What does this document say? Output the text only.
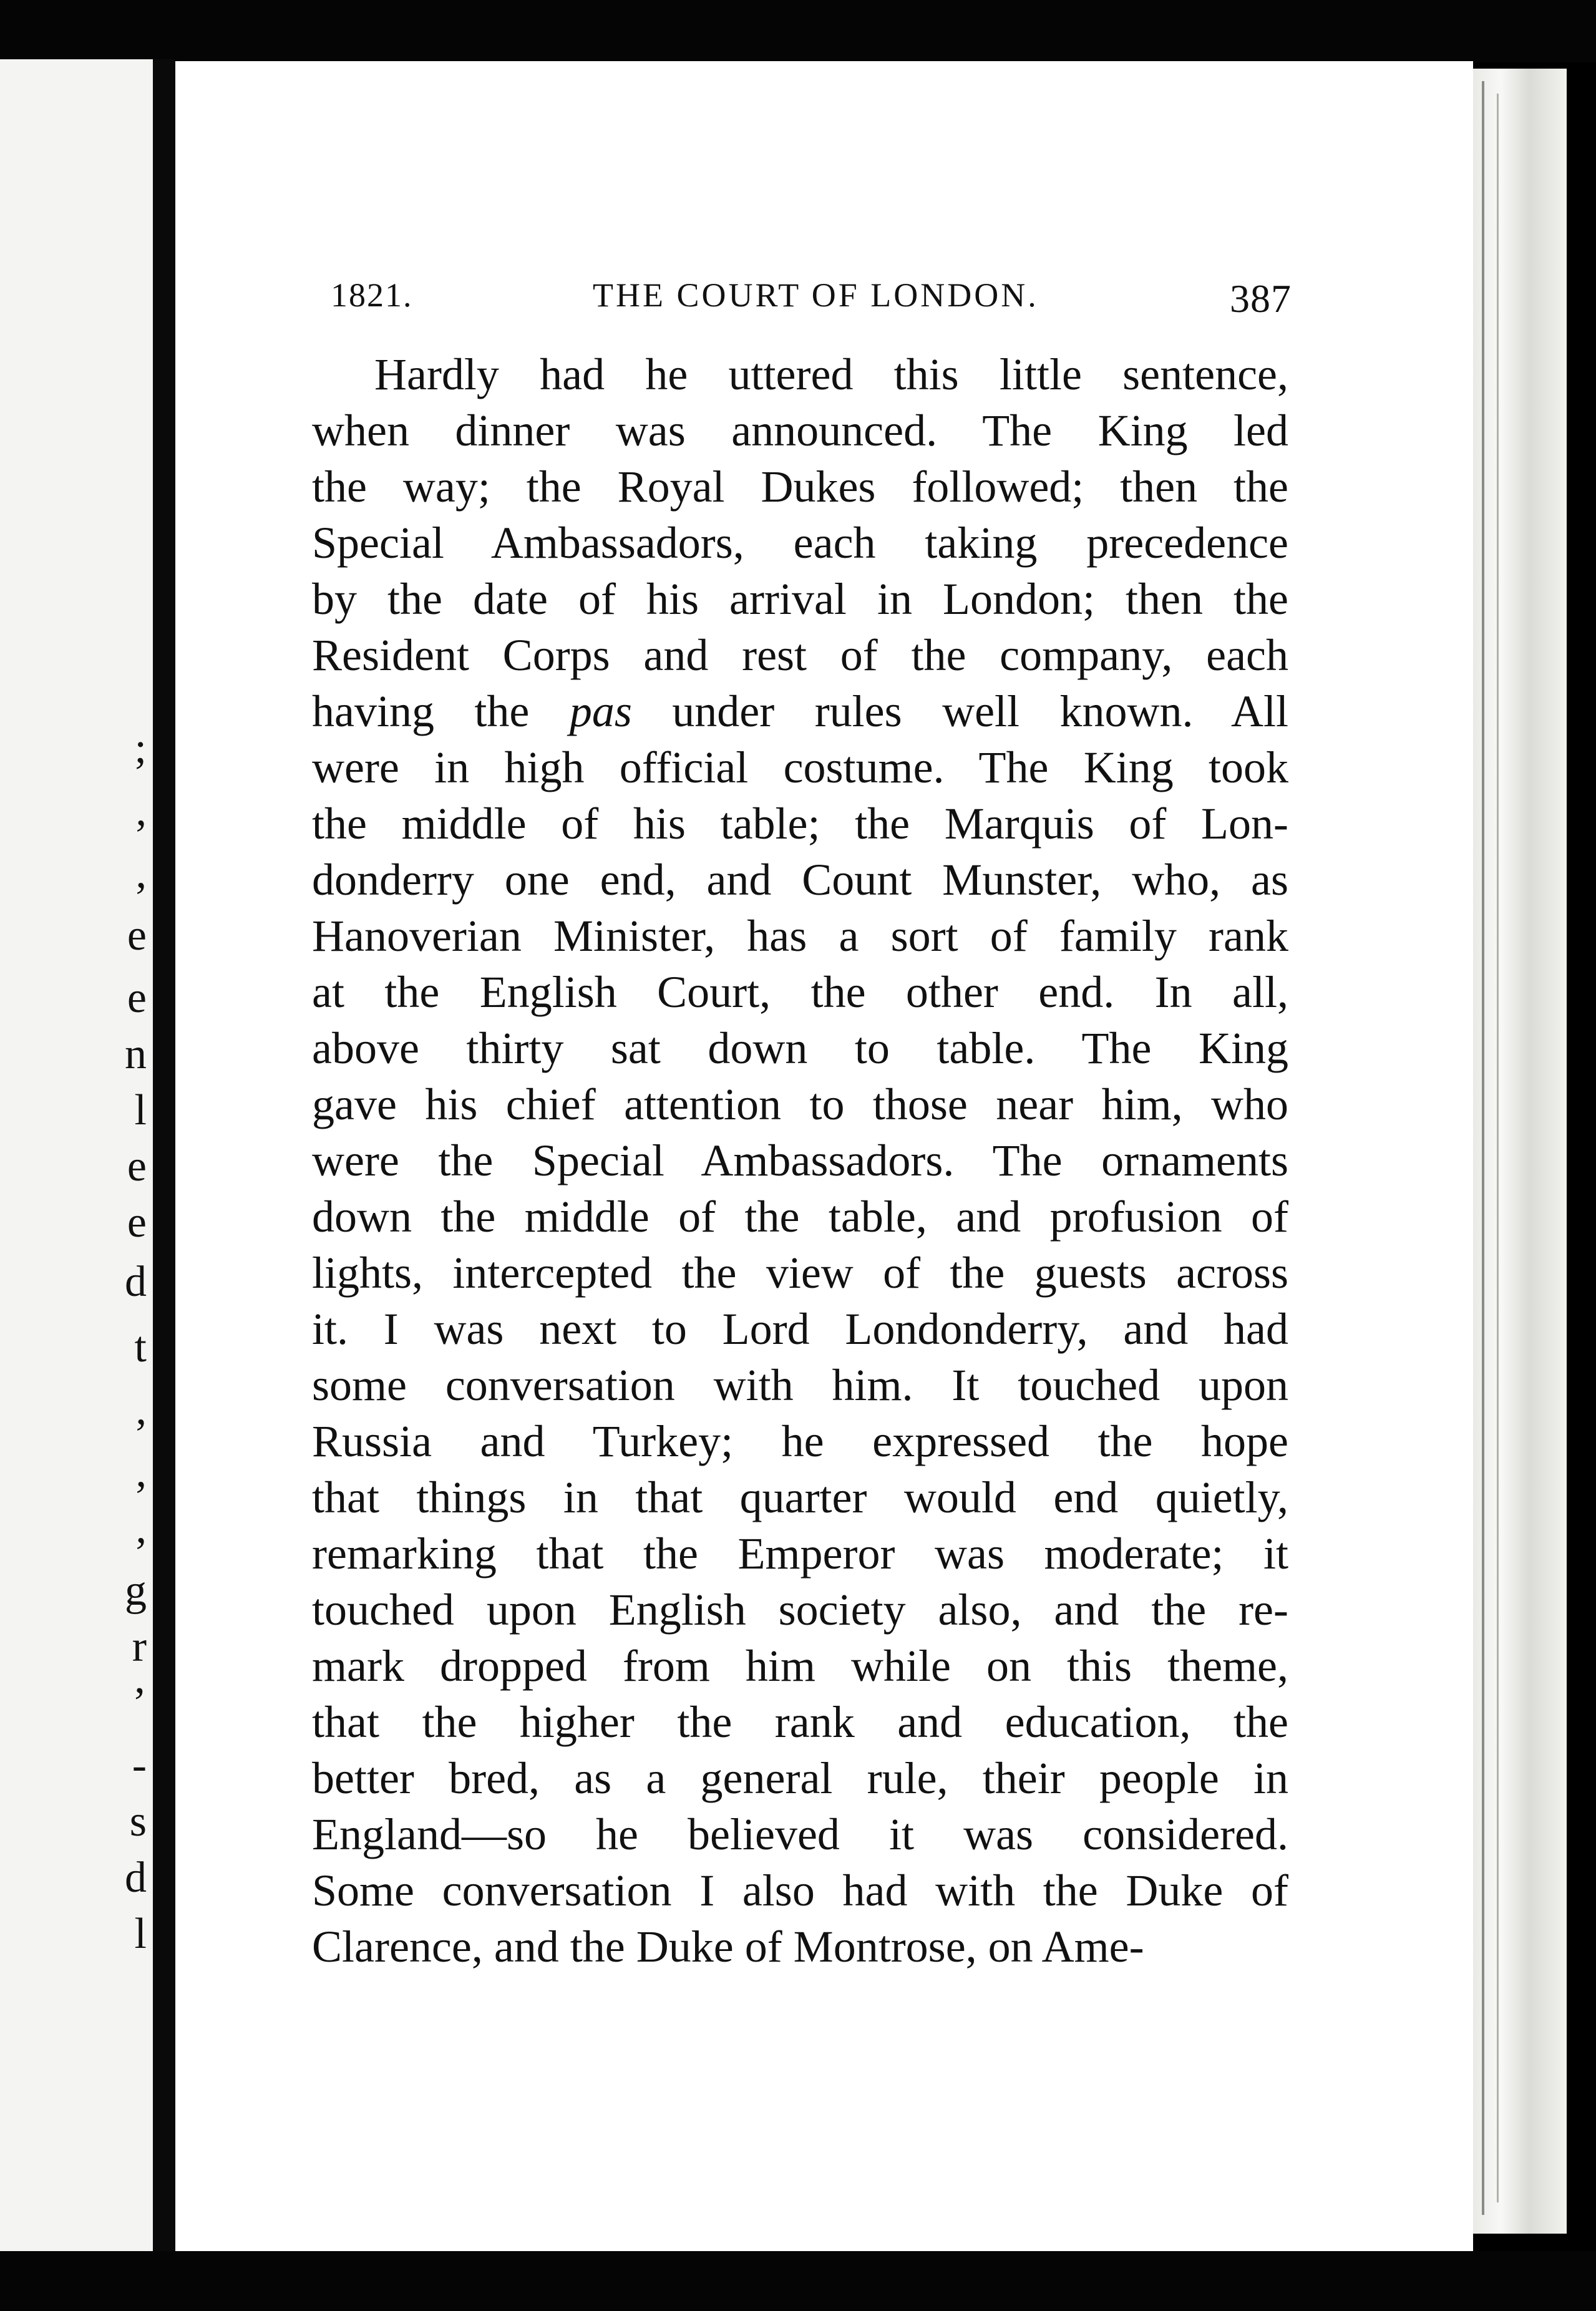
;
,
,
e
e
n
l
e
e
d
t
,
,
,
g
r
’
-
s
d
l
1821.	THE COURT OF LONDON.	387
Hardly had he uttered this little sentence,
when dinner was announced. The King led
the way; the Royal Dukes followed; then the
Special Ambassadors, each taking precedence
by the date of his arrival in London; then the
Resident Corps and rest of the company, each
having the pas under rules well known. All
were in high official costume. The King took
the middle of his table; the Marquis of Lon-
donderry one end, and Count Munster, who, as
Hanoverian Minister, has a sort of family rank
at the English Court, the other end. In all,
above thirty sat down to table. The King
gave his chief attention to those near him, who
were the Special Ambassadors. The ornaments
down the middle of the table, and profusion of
lights, intercepted the view of the guests across
it. I was next to Lord Londonderry, and had
some conversation with him. It touched upon
Russia and Turkey; he expressed the hope
that things in that quarter would end quietly,
remarking that the Emperor was moderate; it
touched upon English society also, and the re-
mark dropped from him while on this theme,
that the higher the rank and education, the
better bred, as a general rule, their people in
England—so he believed it was considered.
Some conversation I also had with the Duke of
Clarence, and the Duke of Montrose, on Ame-
